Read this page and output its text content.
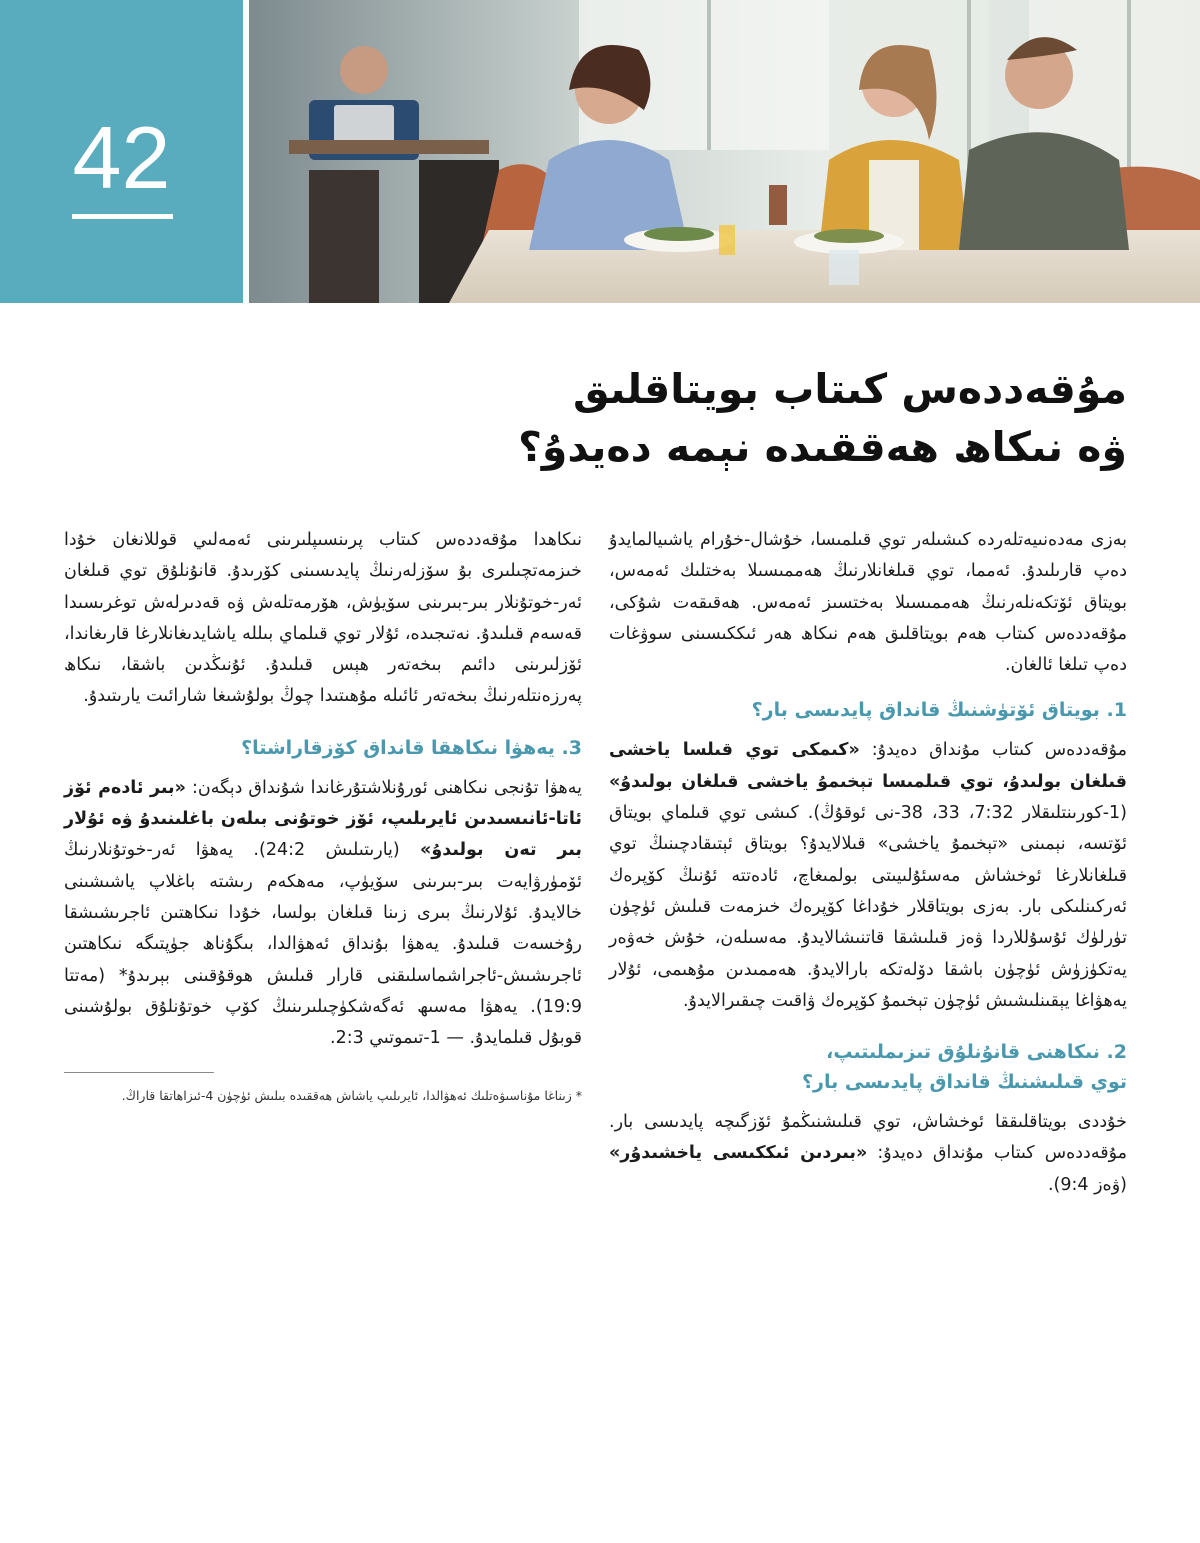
42
مۇقەددەس كىتاب بويتاقلىق
ۋە نىكاھ ھەققىدە نېمە دەيدۇ؟

بەزى مەدەنىيەتلەردە كىشىلەر توي قىلمىسا، خۇشال-خۇرام ياشىيالمايدۇ دەپ قارىلىدۇ. ئەمما، توي قىلغانلارنىڭ ھەممىسىلا بەختلىك ئەمەس، بويتاق ئۆتكەنلەرنىڭ ھەممىسىلا بەختسىز ئەمەس. ھەقىقەت شۇكى، مۇقەددەس كىتاب ھەم بويتاقلىق ھەم نىكاھ ھەر ئىككىسىنى سوۋغات دەپ تىلغا ئالغان.

1. بويتاق ئۆتۈشنىڭ قانداق پايدىسى بار؟

مۇقەددەس كىتاب مۇنداق دەيدۇ: «كىمكى توي قىلسا ياخشى قىلغان بولىدۇ، توي قىلمىسا تېخىمۇ ياخشى قىلغان بولىدۇ» (1-كورىنتلىقلار 7:32، 33، 38-نى ئوقۇڭ). كىشى توي قىلماي بويتاق ئۆتسە، نېمىنى «تېخىمۇ ياخشى» قىلالايدۇ؟ بويتاق ئېتىقادچىنىڭ توي قىلغانلارغا ئوخشاش مەسئۇلىيىتى بولمىغاچ، ئادەتتە ئۇنىڭ كۆپرەك ئەركىنلىكى بار. بەزى بويتاقلار خۇداغا كۆپرەك خىزمەت قىلىش ئۈچۈن تۈرلۈك ئۇسۇللاردا ۋەز قىلىشقا قاتنىشالايدۇ. مەسىلەن، خۇش خەۋەر يەتكۈزۈش ئۈچۈن باشقا دۆلەتكە بارالايدۇ. ھەممىدىن مۇھىمى، ئۇلار يەھۋاغا يېقىنلىشىش ئۈچۈن تېخىمۇ كۆپرەك ۋاقىت چىقىرالايدۇ.

2. نىكاھنى قانۇنلۇق تىزىملىتىپ،
توي قىلىشنىڭ قانداق پايدىسى بار؟

خۇددى بويتاقلىققا ئوخشاش، توي قىلىشنىڭمۇ ئۆزگىچە پايدىسى بار. مۇقەددەس كىتاب مۇنداق دەيدۇ: «بىردىن ئىككىسى ياخشىدۇر» (ۋەز 9:4).

نىكاھدا مۇقەددەس كىتاب پرىنسىپلىرىنى ئەمەلىي قوللانغان خۇدا خىزمەتچىلىرى بۇ سۆزلەرنىڭ پايدىسىنى كۆرىدۇ. قانۇنلۇق توي قىلغان ئەر-خوتۇنلار بىر-بىرىنى سۆيۈش، ھۆرمەتلەش ۋە قەدىرلەش توغرىسىدا قەسەم قىلىدۇ. نەتىجىدە، ئۇلار توي قىلماي بىللە ياشايدىغانلارغا قارىغاندا، ئۆزلىرىنى دائىم بىخەتەر ھېس قىلىدۇ. ئۇنىڭدىن باشقا، نىكاھ پەرزەنتلەرنىڭ بىخەتەر ئائىلە مۇھىتىدا چوڭ بولۇشىغا شارائىت يارىتىدۇ.

3. يەھۋا نىكاھقا قانداق كۆزقاراشتا؟

يەھۋا تۇنجى نىكاھنى ئورۇنلاشتۇرغاندا شۇنداق دېگەن: «بىر ئادەم ئۆز ئاتا-ئانىسىدىن ئايرىلىپ، ئۆز خوتۇنى بىلەن باغلىنىدۇ ۋە ئۇلار بىر تەن بولىدۇ» (يارىتىلىش 24:2). يەھۋا ئەر-خوتۇنلارنىڭ ئۆمۈرۋايەت بىر-بىرىنى سۆيۈپ، مەھكەم رىشتە باغلاپ ياشىشىنى خالايدۇ. ئۇلارنىڭ بىرى زىنا قىلغان بولسا، خۇدا نىكاھتىن ئاجرىشىشقا رۇخسەت قىلىدۇ. يەھۋا بۇنداق ئەھۋالدا، بىگۇناھ جۈپتىگە نىكاھتىن ئاجرىشىش-ئاجراشماسلىقنى قارار قىلىش ھوقۇقىنى بېرىدۇ* (مەتتا 19:9). يەھۋا مەسىھ ئەگەشكۈچىلىرىنىڭ كۆپ خوتۇنلۇق بولۇشىنى قوبۇل قىلمايدۇ. — 1-تىموتىي 2:3.

* زىناغا مۇناسىۋەتلىك ئەھۋالدا، ئايرىلىپ ياشاش ھەققىدە بىلىش ئۈچۈن 4-ئىزاھاتقا قاراڭ.
